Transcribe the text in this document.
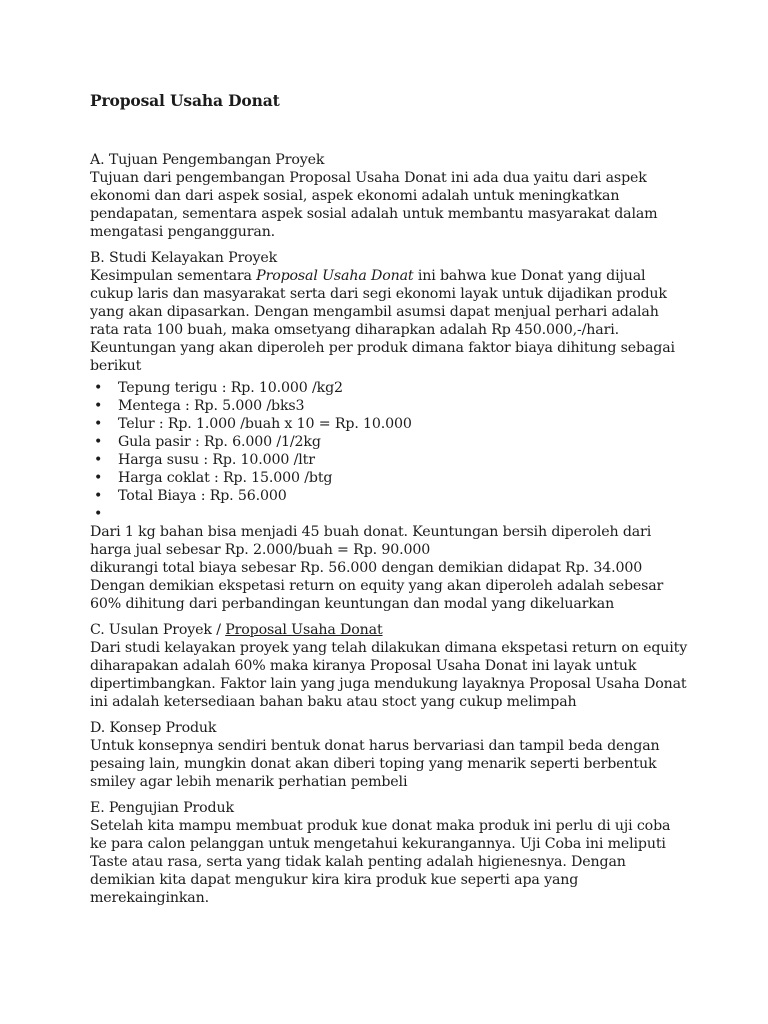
Proposal Usaha Donat
A. Tujuan Pengembangan Proyek

Tujuan dari pengembangan Proposal Usaha Donat ini ada dua yaitu dari aspek ekonomi dan dari aspek sosial, aspek ekonomi adalah untuk meningkatkan pendapatan, sementara aspek sosial adalah untuk membantu masyarakat dalam mengatasi pengangguran.

B. Studi Kelayakan Proyek

Kesimpulan sementara Proposal Usaha Donat ini bahwa kue Donat yang dijual cukup laris dan masyarakat serta dari segi ekonomi layak untuk dijadikan produk yang akan dipasarkan. Dengan mengambil asumsi dapat menjual perhari adalah rata rata 100 buah, maka omsetyang diharapkan adalah Rp 450.000,-/hari. Keuntungan yang akan diperoleh per produk dimana faktor biaya dihitung sebagai berikut

• Tepung terigu : Rp. 10.000 /kg2
• Mentega : Rp. 5.000 /bks3
• Telur : Rp. 1.000 /buah x 10 = Rp. 10.000
• Gula pasir : Rp. 6.000 /1/2kg
• Harga susu : Rp. 10.000 /ltr
• Harga coklat : Rp. 15.000 /btg
• Total Biaya : Rp. 56.000
•

Dari 1 kg bahan bisa menjadi 45 buah donat. Keuntungan bersih diperoleh dari harga jual sebesar Rp. 2.000/buah = Rp. 90.000

dikurangi total biaya sebesar Rp. 56.000 dengan demikian didapat Rp. 34.000

Dengan demikian ekspetasi return on equity yang akan diperoleh adalah sebesar 60% dihitung dari perbandingan keuntungan dan modal yang dikeluarkan

C. Usulan Proyek / Proposal Usaha Donat

Dari studi kelayakan proyek yang telah dilakukan dimana ekspetasi return on equity diharapakan adalah 60% maka kiranya Proposal Usaha Donat ini layak untuk dipertimbangkan. Faktor lain yang juga mendukung layaknya Proposal Usaha Donat ini adalah ketersediaan bahan baku atau stoct yang cukup melimpah

D. Konsep Produk

Untuk konsepnya sendiri bentuk donat harus bervariasi dan tampil beda dengan pesaing lain, mungkin donat akan diberi toping yang menarik seperti berbentuk smiley agar lebih menarik perhatian pembeli

E. Pengujian Produk

Setelah kita mampu membuat produk kue donat maka produk ini perlu di uji coba ke para calon pelanggan untuk mengetahui kekurangannya. Uji Coba ini meliputi Taste atau rasa, serta yang tidak kalah penting adalah higienesnya. Dengan demikian kita dapat mengukur kira kira produk kue seperti apa yang merekainginkan.
